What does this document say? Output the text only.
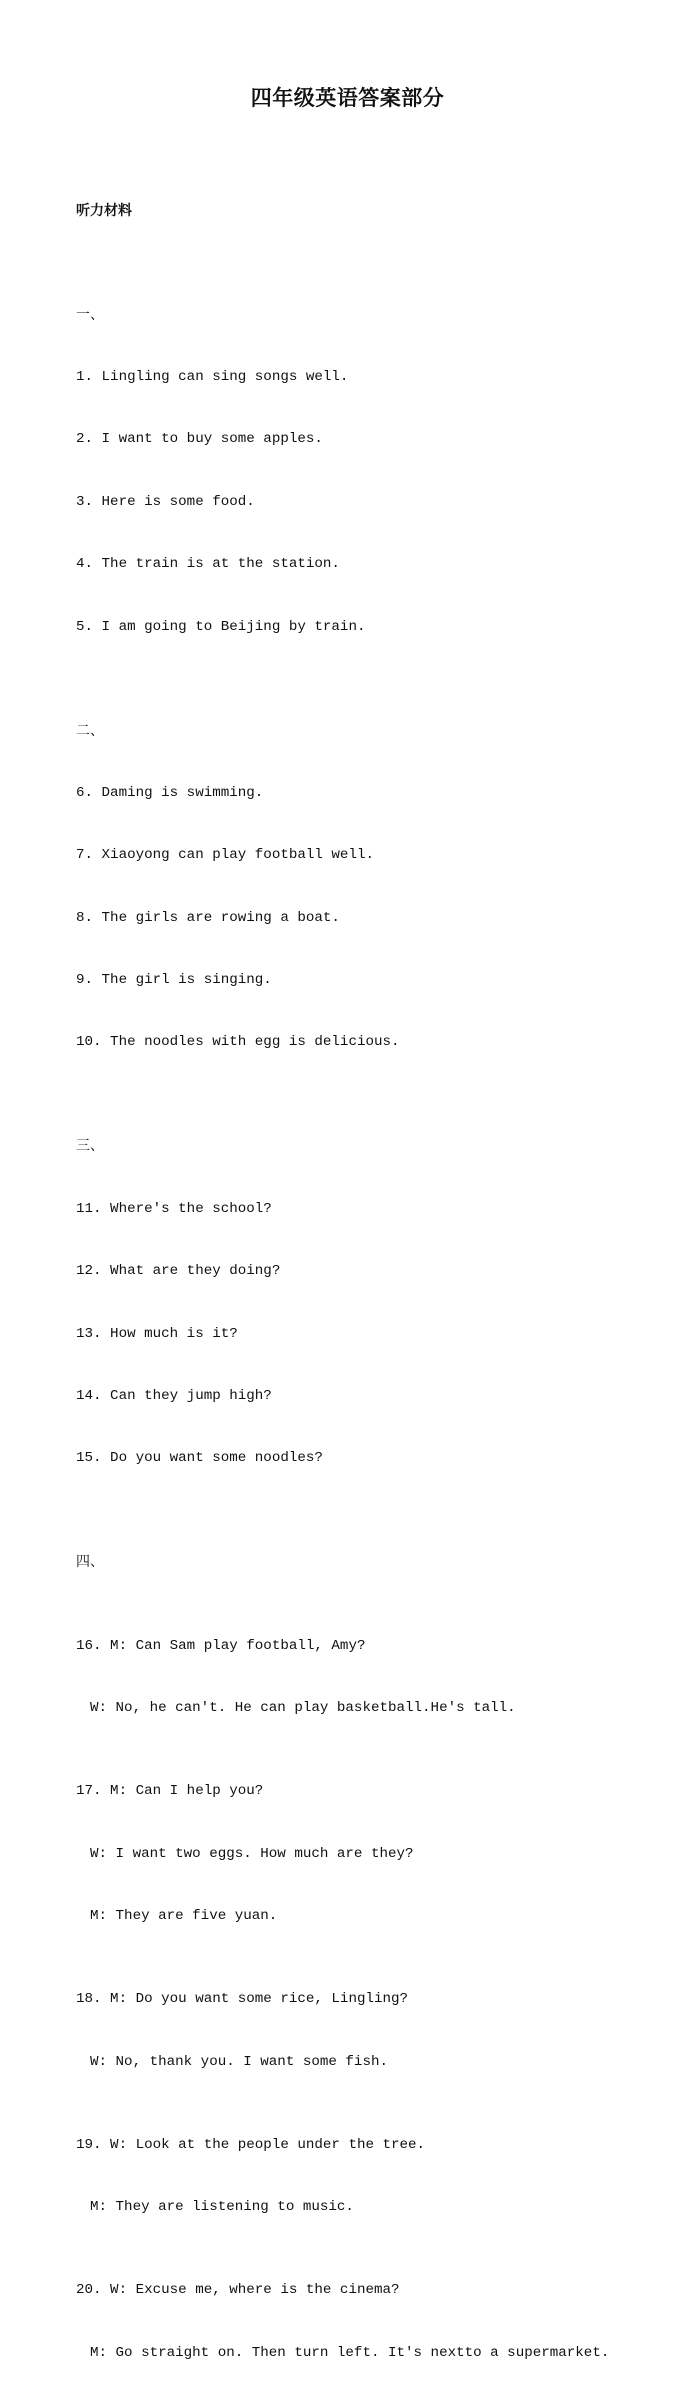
四年级英语答案部分

听力材料

一、

1. Lingling can sing songs well.

2. I want to buy some apples.

3. Here is some food.

4. The train is at the station.

5. I am going to Beijing by train.

二、

6. Daming is swimming.

7. Xiaoyong can play football well.

8. The girls are rowing a boat.

9. The girl is singing.

10. The noodles with egg is delicious.

三、

11. Where's the school?

12. What are they doing?

13. How much is it?

14. Can they jump high?

15. Do you want some noodles?

四、

16. M: Can Sam play football, Amy?

W: No, he can't. He can play basketball.He's tall.

17. M: Can I help you?

W: I want two eggs. How much are they?

M: They are five yuan.

18. M: Do you want some rice, Lingling?

W: No, thank you. I want some fish.

19. W: Look at the people under the tree.

M: They are listening to music.

20. W: Excuse me, where is the cinema?

M: Go straight on. Then turn left. It's nextto a supermarket.
